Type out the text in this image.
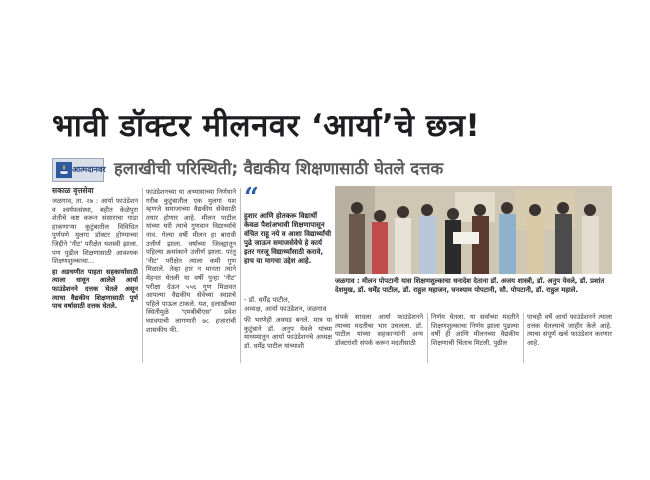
भावी डॉक्टर मीलनवर ‘आर्या’चे छत्र!
आत्मदानवर हलाखीची परिस्थिती; वैद्यकीय शिक्षणासाठी घेतले दत्तक
सकाळ वृत्तसेवा

जळगाव, ता. २७ : आर्या फाउंडेशन व श्वर्यफसंस्था, बहीत केळेपुरा शेतीचे कष्ट करून संसाराचा गाडा हाकणाऱ्या कुटुंबातील विविधित पुर्णपणे मुलगा डॉक्टर होण्याच्या जिद्दीने 'नीट' परीक्षेत यशस्वी झाला. पण पुढील शिक्षणासाठी आवश्यक शिक्षणशुल्काचा...

हा अडचणीत पाहता सहकार्यासाठी त्याला धावून आलेले आर्या फाउंडेशनने दत्तक घेतले असून त्याचा वैद्यकीय शिक्षणासाठी पूर्ण पाच वर्षासाठी दत्तक घेतले.

फाउंडेशनच्या या अभ्यासाच्या निर्णयाने गरीब कुटुंबातील एक मुलगा यश म्हणजे समाजाच्या वैद्यकीय सेवेसाठी तयार होणार आहे. मीलन पाटील यांच्या घरी त्याचे गुणवान विद्यार्थ्याचे नाव. गेल्या वर्षी मीलन हा बारावी उत्तीर्ण झाला. वर्षाच्या जिल्ह्यातून पहिल्या क्रमांकाने उत्तीर्ण झाला. परंतु 'नीट' परीक्षेत त्याला कमी गुण मिळाले. तेव्हा हार न मानता त्याने मेहनत घेतली या वर्षी पुन्हा 'नीट' परीक्षा देऊन ५५६ गुण मिळवत आपल्या वैद्यकीय सेवेच्या स्वप्नाचे पहिले पाऊल टाकले. यश, हलाखीच्या स्थितीमुळे 'एमबीबीएस' प्रवेश घ्यावयाची लागणारी ७८ हजारांची शासकीय फी.

“
हुशार आणि होतकरू विद्यार्थी केवळ पैशांअभावी शिक्षणापासून वंचित राहू नये व आशा विद्यार्थ्यांची पुढे जाऊन समाजसेवेचे हे कार्य इतर गरजू विद्यार्थ्यांसाठी करावे, हाच या मागचा उद्देश आहे.
- डॉ. धर्मेंद्र पाटील,
अध्यक्ष, आर्या फाउंडेशन, जळगाव

फी भरणेही अवघड बनले. मात्र या कुटुंबाने डॉ. अनुप येवले यांच्या माध्यमातून आर्या फाउंडेशनचे अध्यक्ष डॉ. धर्मेंद्र पाटील यांच्याशी

जळगाव : मीलन पोपटानी यास शिक्षणशुल्काचा धनादेश देताना डॉ. अजय शास्त्री, डॉ. अनुप येवले, डॉ. प्रशांत देशमुख, डॉ. धर्मेंद्र पाटील, डॉ. राहुल महाजन, घनश्याम पोपटानी, सौ. पोपटानी, डॉ. राहुल महाले.

संपर्क साधला आर्या फाउंडेशनने त्याच्या मदतीचा भार उचलला. डॉ. पाटील यांच्या सहकाऱ्यांनी अन्य डॉक्टरांशी संपर्क करून मदतीसाठी

निर्णय घेतला. या सर्वांच्या मदतीने शिक्षणशुल्काचा निर्णय झाला पुढल्या वर्षी ही आणि मीलनच्या वैद्यकीय शिक्षणाची चिंताच मिटली. पुढील

पाचही वर्षे आर्या फाउंडेशनने त्याला दत्तक घेतल्याचे जाहीर केले आहे. त्याचा संपूर्ण खर्च फाउंडेशन करणार आहे.
